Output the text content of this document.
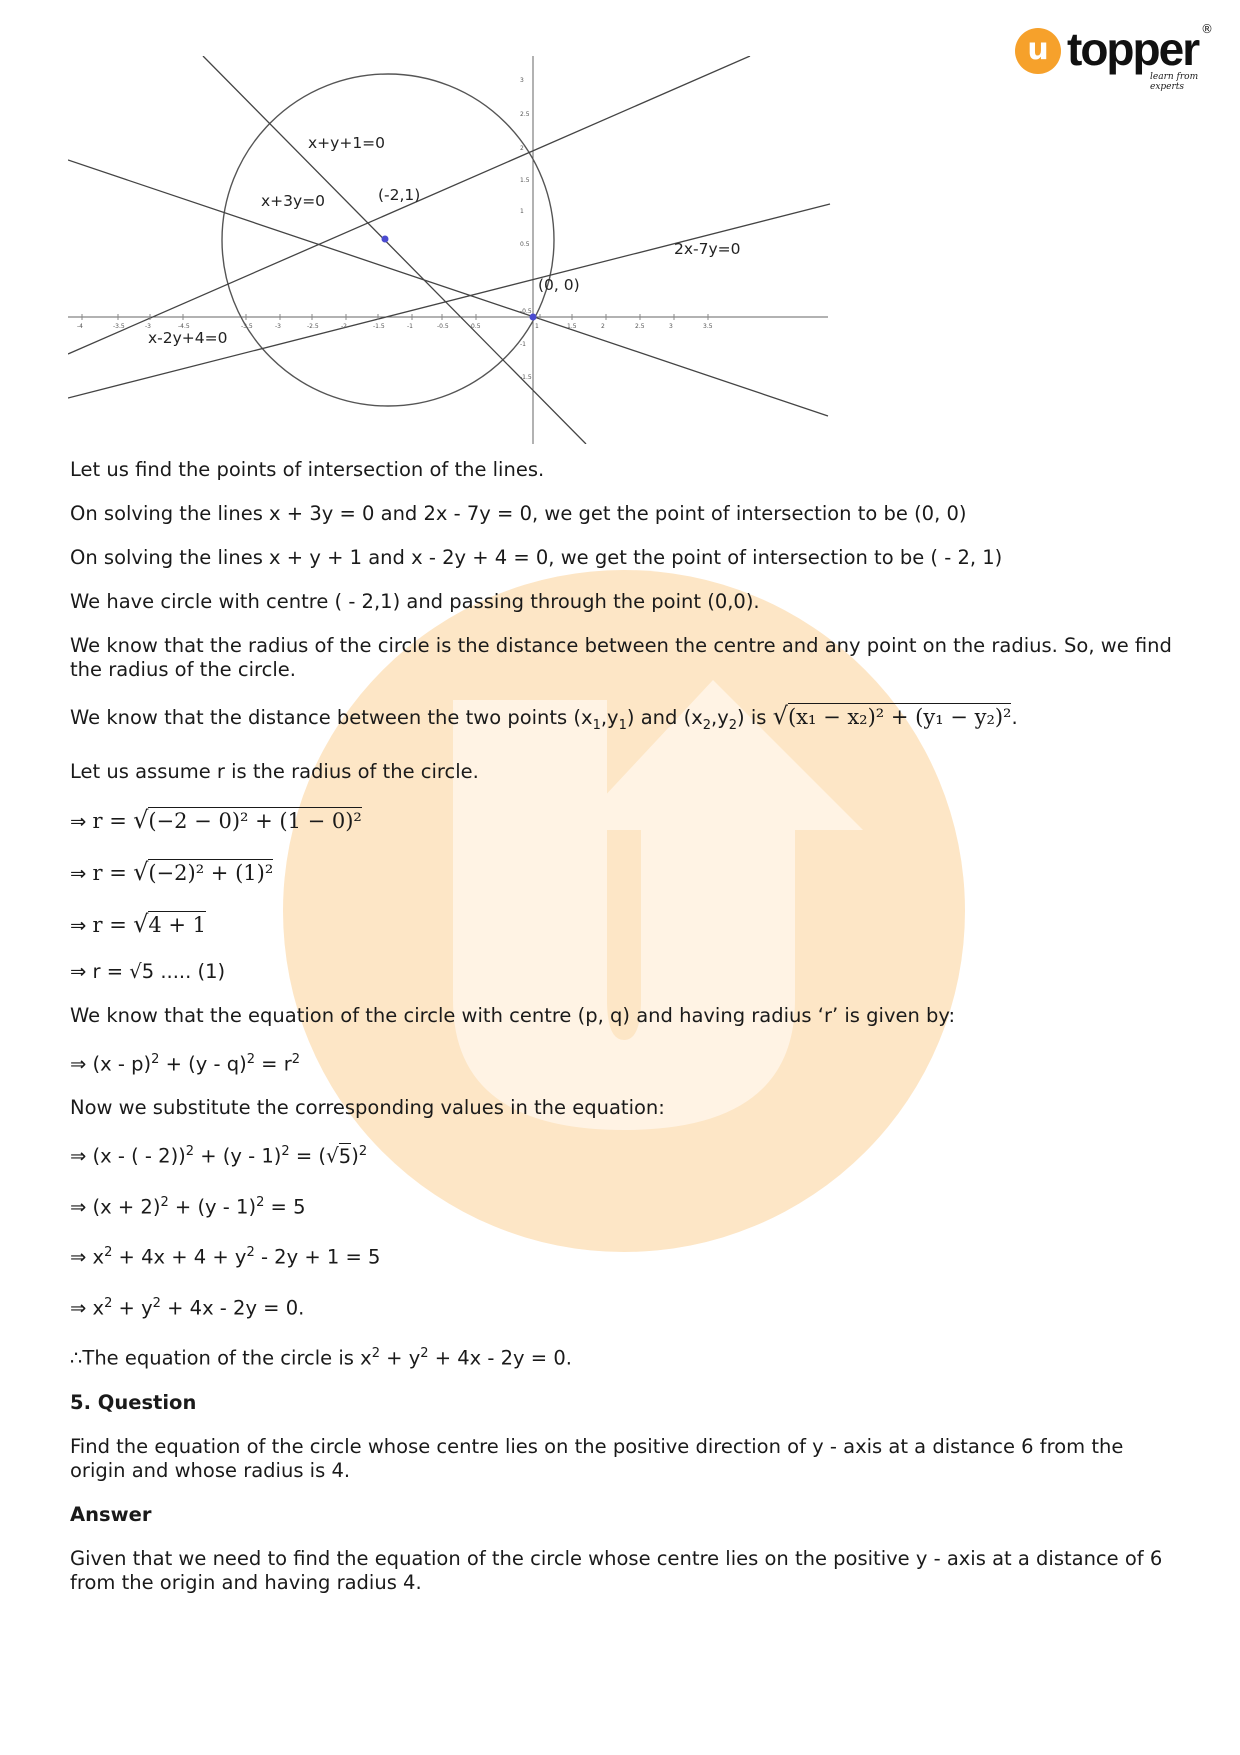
u topper ®
learn from experts
-4	-3.5	-3	-4.5	-3.5	-3	-2.5	-2	-1.5	-1	-0.5	0.5	1	1.5	2	2.5	3	3.5
3
2.5
2
1.5
1
0.5
-0.5
-1
-1.5
x+y+1=0
x+3y=0	(-2,1)
2x-7y=0
(0, 0)
x-2y+4=0

Let us find the points of intersection of the lines.

On solving the lines x + 3y = 0 and 2x - 7y = 0, we get the point of intersection to be (0, 0)

On solving the lines x + y + 1 and x - 2y + 4 = 0, we get the point of intersection to be ( - 2, 1)

We have circle with centre ( - 2,1) and passing through the point (0,0).

We know that the radius of the circle is the distance between the centre and any point on the radius. So, we find the radius of the circle.

We know that the distance between the two points $(x_1,y_1)$ and $(x_2,y_2)$ is √(x₁ − x₂)² + (y₁ − y₂)².

Let us assume r is the radius of the circle.

⇒ r = √(−2 − 0)² + (1 − 0)²

⇒ r = √(−2)² + (1)²

⇒ r = √4 + 1

⇒ r = √5 ..... (1)

We know that the equation of the circle with centre (p, q) and having radius ‘r’ is given by:

⇒ $(x - p)^2 + (y - q)^2 = r^2$

Now we substitute the corresponding values in the equation:

⇒ (x - ( - $2))^2 + (y - 1)^2 = (√5)^2$

⇒ $(x + 2)^2 + (y - 1)^2 = 5$

⇒ $x^2 + 4x + 4 + y^2 - 2y + 1 = 5$

⇒ $x^2 + y^2 + 4x - 2y = 0$.

∴The equation of the circle is $x^2 + y^2 + 4x - 2y = 0$.

5. Question

Find the equation of the circle whose centre lies on the positive direction of y - axis at a distance 6 from the origin and whose radius is 4.

Answer

Given that we need to find the equation of the circle whose centre lies on the positive y - axis at a distance of 6 from the origin and having radius 4.
